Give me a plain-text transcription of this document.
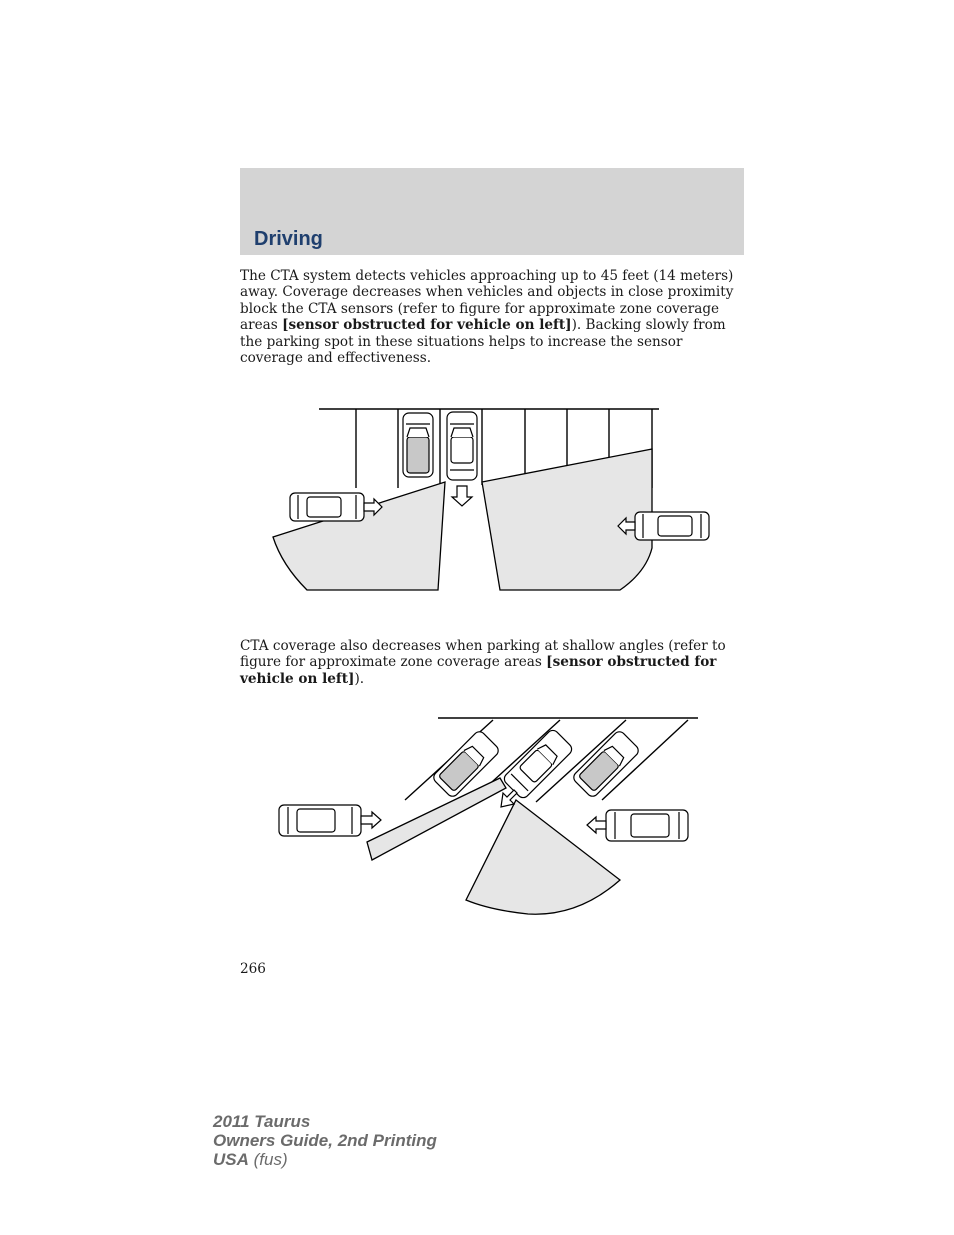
Driving
The CTA system detects vehicles approaching up to 45 feet (14 meters) away. Coverage decreases when vehicles and objects in close proximity block the CTA sensors (refer to figure for approximate zone coverage areas [sensor obstructed for vehicle on left]). Backing slowly from the parking spot in these situations helps to increase the sensor coverage and effectiveness.
CTA coverage also decreases when parking at shallow angles (refer to figure for approximate zone coverage areas [sensor obstructed for vehicle on left]).
266
2011 Taurus
Owners Guide, 2nd Printing
USA (fus)
